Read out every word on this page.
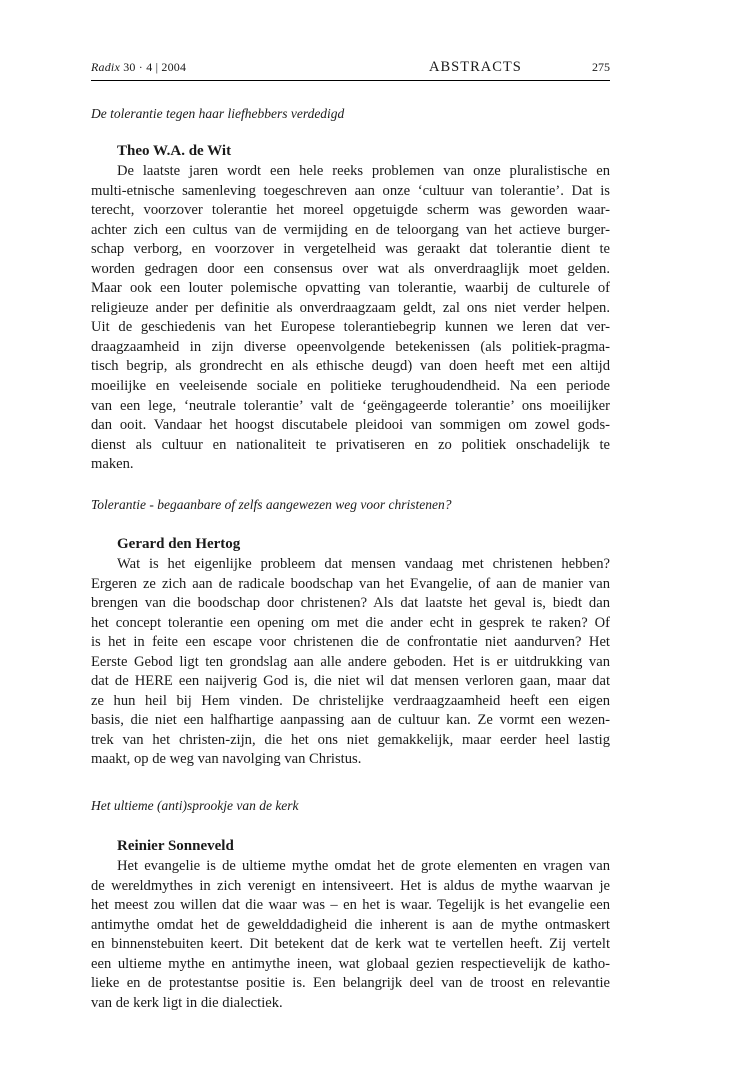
Radix 30 · 4 | 2004	ABSTRACTS	275
De tolerantie tegen haar liefhebbers verdedigd
Theo W.A. de Wit
De laatste jaren wordt een hele reeks problemen van onze pluralistische en
multi-etnische samenleving toegeschreven aan onze ‘cultuur van tolerantie’. Dat is
terecht, voorzover tolerantie het moreel opgetuigde scherm was geworden waar-
achter zich een cultus van de vermijding en de teloorgang van het actieve burger-
schap verborg, en voorzover in vergetelheid was geraakt dat tolerantie dient te
worden gedragen door een consensus over wat als onverdraaglijk moet gelden.
Maar ook een louter polemische opvatting van tolerantie, waarbij de culturele of
religieuze ander per definitie als onverdraagzaam geldt, zal ons niet verder helpen.
Uit de geschiedenis van het Europese tolerantiebegrip kunnen we leren dat ver-
draagzaamheid in zijn diverse opeenvolgende betekenissen (als politiek-pragma-
tisch begrip, als grondrecht en als ethische deugd) van doen heeft met een altijd
moeilijke en veeleisende sociale en politieke terughoudendheid. Na een periode
van een lege, ‘neutrale tolerantie’ valt de ‘geëngageerde tolerantie’ ons moeilijker
dan ooit. Vandaar het hoogst discutabele pleidooi van sommigen om zowel gods-
dienst als cultuur en nationaliteit te privatiseren en zo politiek onschadelijk te
maken.
Tolerantie - begaanbare of zelfs aangewezen weg voor christenen?
Gerard den Hertog
Wat is het eigenlijke probleem dat mensen vandaag met christenen hebben?
Ergeren ze zich aan de radicale boodschap van het Evangelie, of aan de manier van
brengen van die boodschap door christenen? Als dat laatste het geval is, biedt dan
het concept tolerantie een opening om met die ander echt in gesprek te raken? Of
is het in feite een escape voor christenen die de confrontatie niet aandurven? Het
Eerste Gebod ligt ten grondslag aan alle andere geboden. Het is er uitdrukking van
dat de HERE een naijverig God is, die niet wil dat mensen verloren gaan, maar dat
ze hun heil bij Hem vinden. De christelijke verdraagzaamheid heeft een eigen
basis, die niet een halfhartige aanpassing aan de cultuur kan. Ze vormt een wezen-
trek van het christen-zijn, die het ons niet gemakkelijk, maar eerder heel lastig
maakt, op de weg van navolging van Christus.
Het ultieme (anti)sprookje van de kerk
Reinier Sonneveld
Het evangelie is de ultieme mythe omdat het de grote elementen en vragen van
de wereldmythes in zich verenigt en intensiveert. Het is aldus de mythe waarvan je
het meest zou willen dat die waar was – en het is waar. Tegelijk is het evangelie een
antimythe omdat het de gewelddadigheid die inherent is aan de mythe ontmaskert
en binnenstebuiten keert. Dit betekent dat de kerk wat te vertellen heeft. Zij vertelt
een ultieme mythe en antimythe ineen, wat globaal gezien respectievelijk de katho-
lieke en de protestantse positie is. Een belangrijk deel van de troost en relevantie
van de kerk ligt in die dialectiek.
